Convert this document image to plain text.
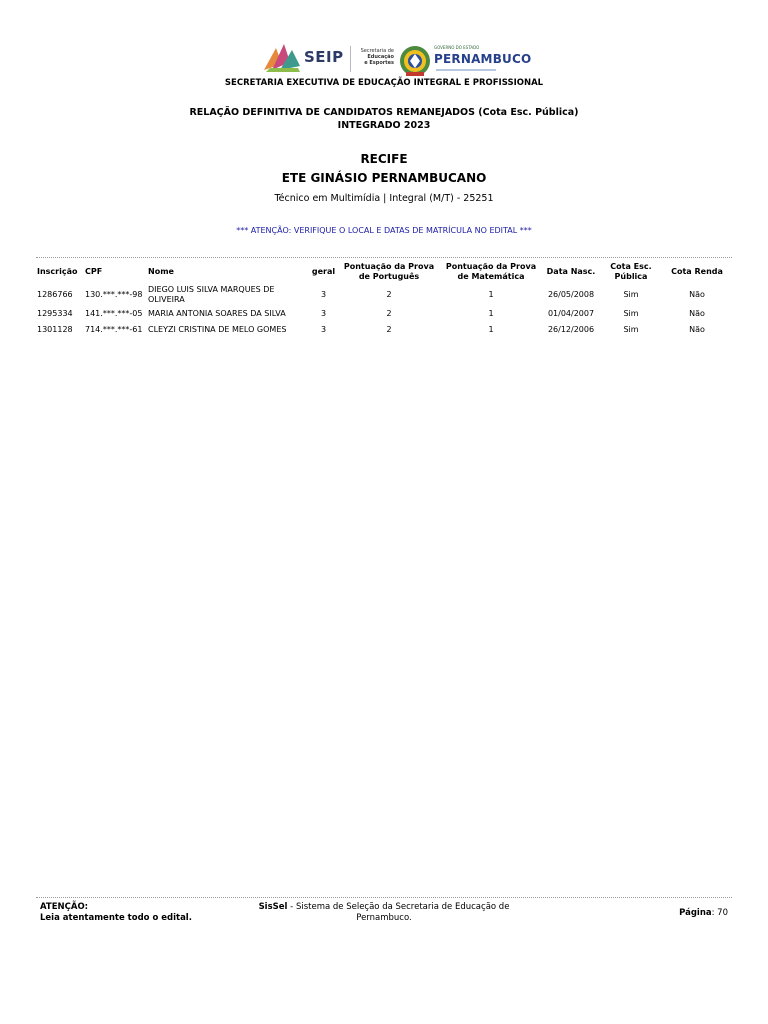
SEIP	Secretaria de
Educação
e Esportes
GOVERNO DO ESTADO
PERNAMBUCO
SECRETARIA EXECUTIVA DE EDUCAÇÃO INTEGRAL E PROFISSIONAL
RELAÇÃO DEFINITIVA DE CANDIDATOS REMANEJADOS (Cota Esc. Pública)
INTEGRADO 2023
RECIFE
ETE GINÁSIO PERNAMBUCANO
Técnico em Multimídia | Integral (M/T) - 25251
*** ATENÇÃO: VERIFIQUE O LOCAL E DATAS DE MATRÍCULA NO EDITAL ***
Inscrição	CPF	Nome	geral	Pontuação da Prova de Português	Pontuação da Prova de Matemática	Data Nasc.	Cota Esc. Pública	Cota Renda
1286766	130.***.***-98	DIEGO LUIS SILVA MARQUES DE OLIVEIRA	3	2	1	26/05/2008	Sim	Não
1295334	141.***.***-05	MARIA ANTONIA SOARES DA SILVA	3	2	1	01/04/2007	Sim	Não
1301128	714.***.***-61	CLEYZI CRISTINA DE MELO GOMES	3	2	1	26/12/2006	Sim	Não
ATENÇÃO:
Leia atentamente todo o edital.
SisSel - Sistema de Seleção da Secretaria de Educação de Pernambuco.	Página: 70
